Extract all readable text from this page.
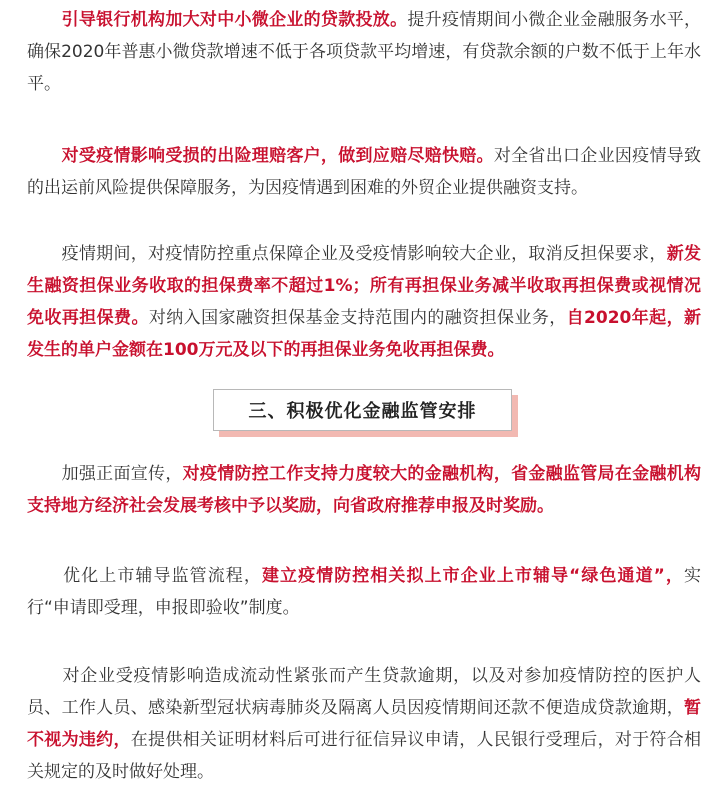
　　引导银行机构加大对中小微企业的贷款投放。提升疫情期间小微企业金融服务水平，确保2020年普惠小微贷款增速不低于各项贷款平均增速，有贷款余额的户数不低于上年水平。

　　对受疫情影响受损的出险理赔客户，做到应赔尽赔快赔。对全省出口企业因疫情导致的出运前风险提供保障服务，为因疫情遇到困难的外贸企业提供融资支持。

　　疫情期间，对疫情防控重点保障企业及受疫情影响较大企业，取消反担保要求，新发生融资担保业务收取的担保费率不超过1%；所有再担保业务减半收取再担保费或视情况免收再担保费。对纳入国家融资担保基金支持范围内的融资担保业务，自2020年起，新发生的单户金额在100万元及以下的再担保业务免收再担保费。

三、积极优化金融监管安排

　　加强正面宣传，对疫情防控工作支持力度较大的金融机构，省金融监管局在金融机构支持地方经济社会发展考核中予以奖励，向省政府推荐申报及时奖励。

　　优化上市辅导监管流程，建立疫情防控相关拟上市企业上市辅导“绿色通道”，实行“申请即受理，申报即验收”制度。

　　对企业受疫情影响造成流动性紧张而产生贷款逾期，以及对参加疫情防控的医护人员、工作人员、感染新型冠状病毒肺炎及隔离人员因疫情期间还款不便造成贷款逾期，暂不视为违约，在提供相关证明材料后可进行征信异议申请，人民银行受理后，对于符合相关规定的及时做好处理。
